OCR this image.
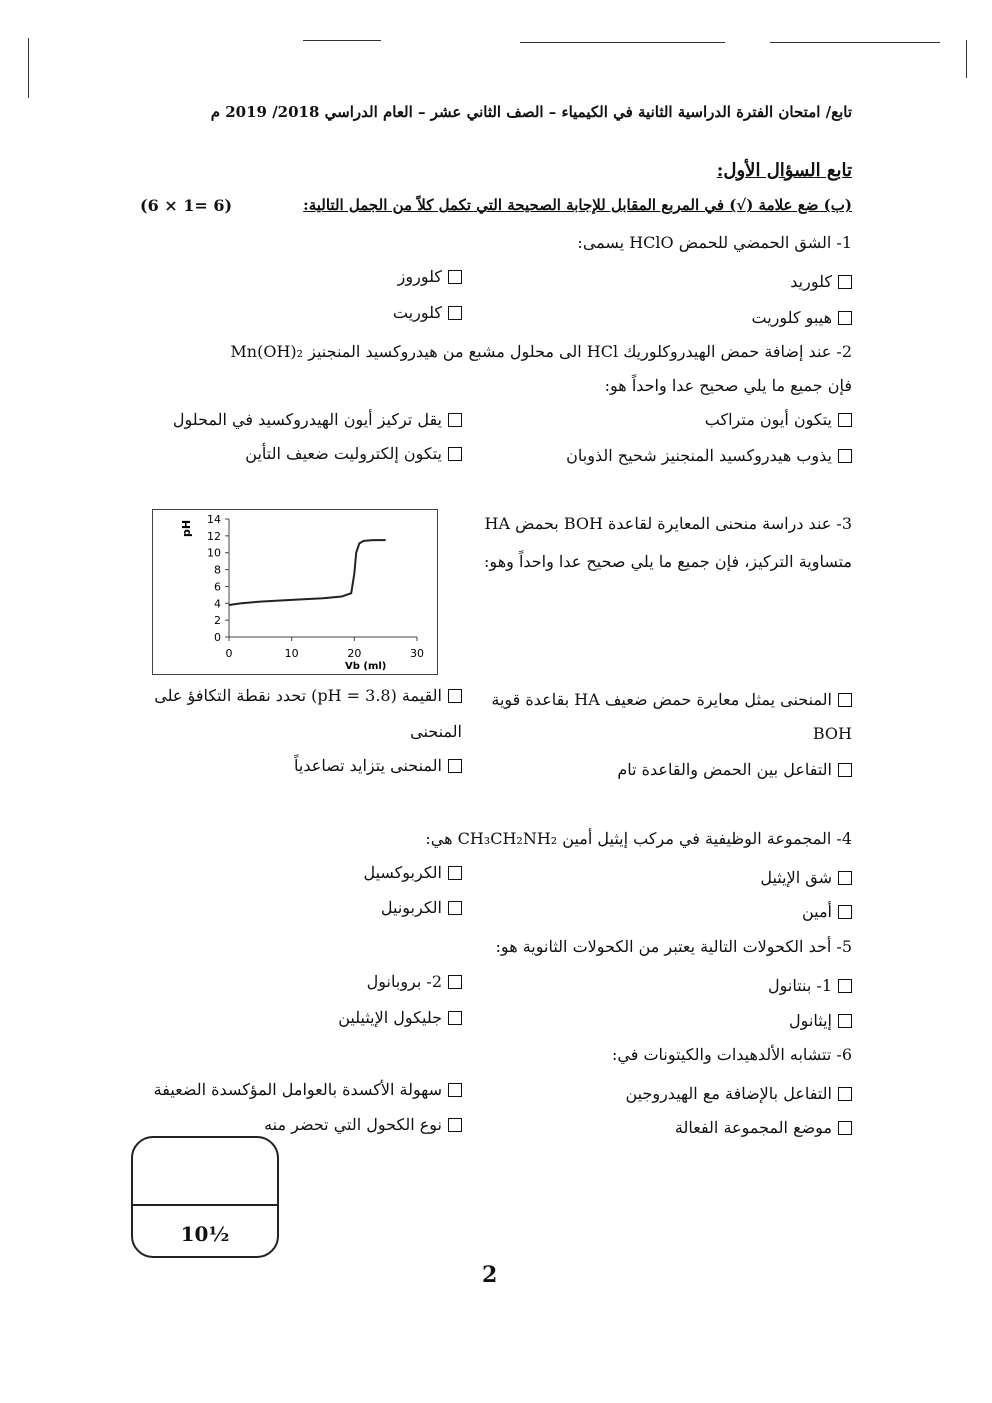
تابع/ امتحان الفترة الدراسية الثانية في الكيمياء – الصف الثاني عشر – العام الدراسي 2018/ 2019 م
تابع السؤال الأول:
(ب) ضع علامة (√) في المربع المقابل للإجابة الصحيحة التي تكمل كلاً من الجمل التالية:
(6 × 1= 6)
1- الشق الحمضي للحمض HClO يسمى:
كلوريد
كلوروز
هيبو كلوريت
كلوريت
2- عند إضافة حمض الهيدروكلوريك HCl الى محلول مشبع من هيدروكسيد المنجنيز Mn(OH)₂
فإن جميع ما يلي صحيح عدا واحداً هو:
يتكون أيون متراكب
يقل تركيز أيون الهيدروكسيد في المحلول
يذوب هيدروكسيد المنجنيز شحيح الذوبان
يتكون إلكتروليت ضعيف التأين
3- عند دراسة منحنى المعايرة لقاعدة BOH بحمض HA
متساوية التركيز، فإن جميع ما يلي صحيح عدا واحداً وهو:
0
2
4
6
8
10
12
14
0	10	20	30
pH
Vb (ml)
المنحنى يمثل معايرة حمض ضعيف HA بقاعدة قوية
BOH
القيمة (pH = 3.8) تحدد نقطة التكافؤ على
المنحنى
التفاعل بين الحمض والقاعدة تام
المنحنى يتزايد تصاعدياً
4- المجموعة الوظيفية في مركب إيثيل أمين CH₃CH₂NH₂ هي:
شق الإيثيل
الكربوكسيل
أمين
الكربونيل
5- أحد الكحولات التالية يعتبر من الكحولات الثانوية هو:
1- بنتانول
2- بروبانول
إيثانول
جليكول الإيثيلين
6- تتشابه الألدهيدات والكيتونات في:
التفاعل بالإضافة مع الهيدروجين
سهولة الأكسدة بالعوامل المؤكسدة الضعيفة
موضع المجموعة الفعالة
نوع الكحول التي تحضر منه
10½
2
